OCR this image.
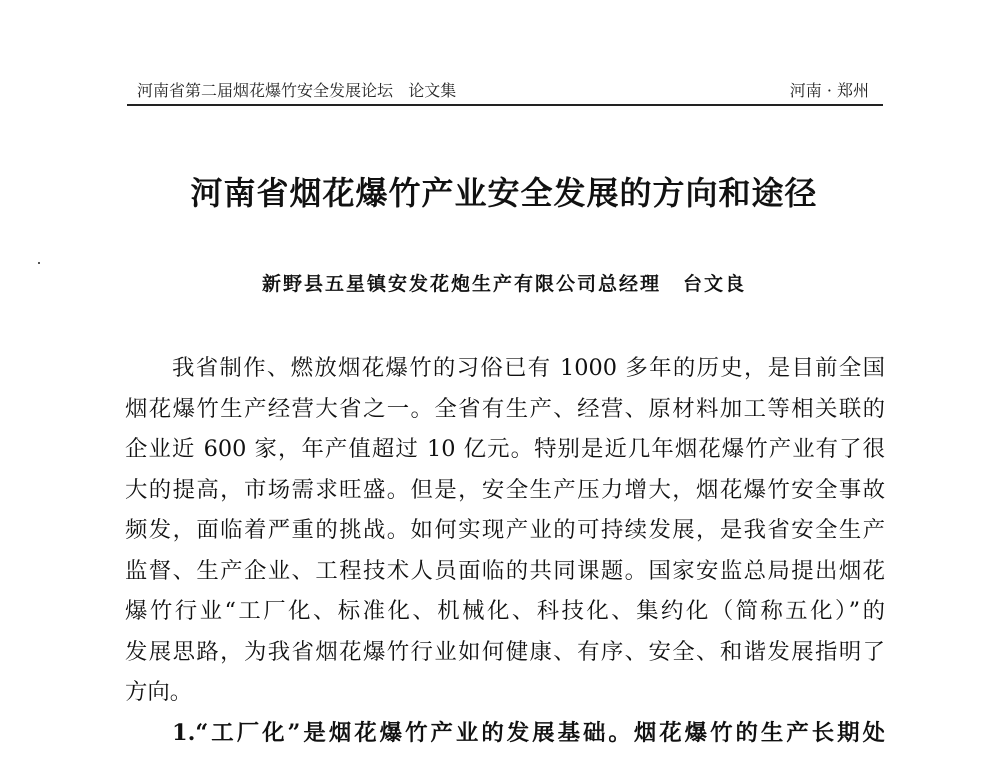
河南省第二届烟花爆竹安全发展论坛   论文集	河南 · 郑州
河南省烟花爆竹产业安全发展的方向和途径
新野县五星镇安发花炮生产有限公司总经理 台文良
我省制作、燃放烟花爆竹的习俗已有 1000 多年的历史，是目前全国
烟花爆竹生产经营大省之一。全省有生产、经营、原材料加工等相关联的
企业近 600 家，年产值超过 10 亿元。特别是近几年烟花爆竹产业有了很
大的提高，市场需求旺盛。但是，安全生产压力增大，烟花爆竹安全事故
频发，面临着严重的挑战。如何实现产业的可持续发展，是我省安全生产
监督、生产企业、工程技术人员面临的共同课题。国家安监总局提出烟花
爆竹行业“工厂化、标准化、机械化、科技化、集约化（简称五化）”的
发展思路，为我省烟花爆竹行业如何健康、有序、安全、和谐发展指明了
方向。
1.“工厂化”是烟花爆竹产业的发展基础。烟花爆竹的生产长期处
